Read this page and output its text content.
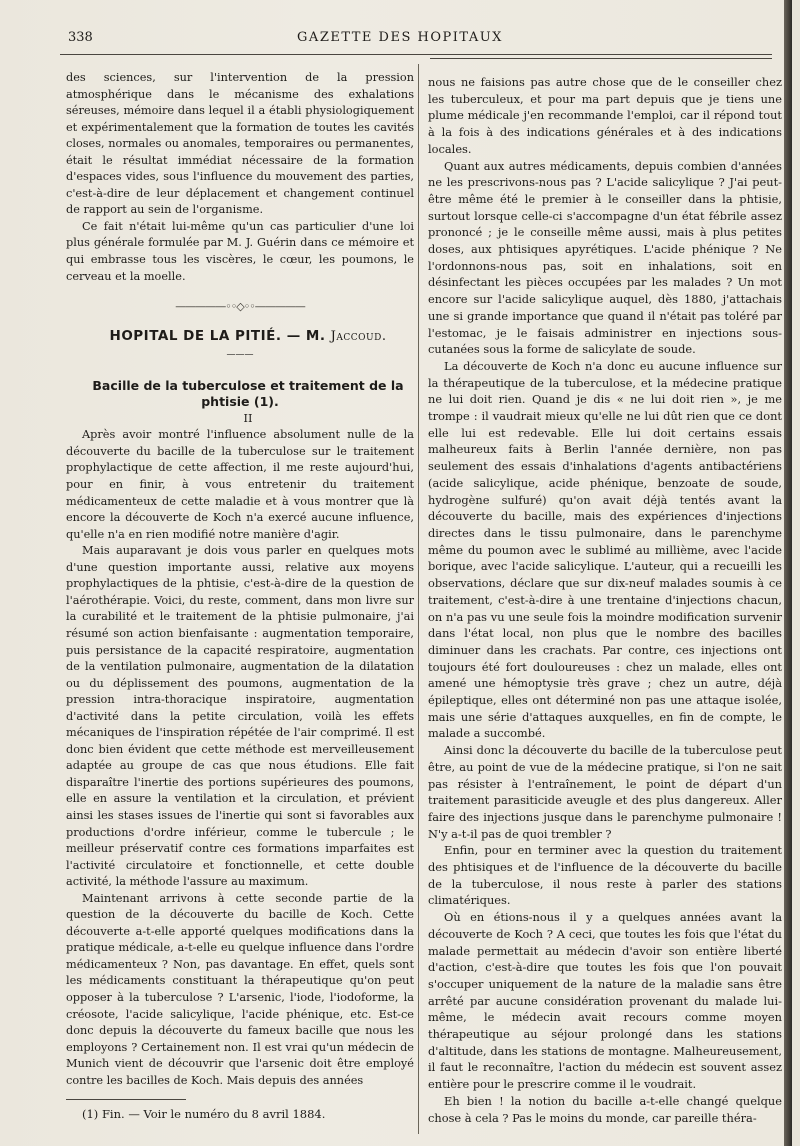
338	GAZETTE DES HOPITAUX

des sciences, sur l'intervention de la pression atmosphérique dans le mécanisme des exhalations séreuses, mémoire dans lequel il a établi physiologiquement et expérimentalement que la formation de toutes les cavités closes, normales ou anomales, temporaires ou permanentes, était le résultat immédiat nécessaire de la formation d'espaces vides, sous l'influence du mouvement des parties, c'est-à-dire de leur déplacement et changement continuel de rapport au sein de l'organisme.

Ce fait n'était lui-même qu'un cas particulier d'une loi plus générale formulée par M. J. Guérin dans ce mémoire et qui embrasse tous les viscères, le cœur, les poumons, le cerveau et la moelle.

—————◦◦◇◦◦—————

HOPITAL DE LA PITIÉ. — M. Jaccoud.

———

Bacille de la tuberculose et traitement de la phtisie (1).

II

Après avoir montré l'influence absolument nulle de la découverte du bacille de la tuberculose sur le traitement prophylactique de cette affection, il me reste aujourd'hui, pour en finir, à vous entretenir du traitement médicamenteux de cette maladie et à vous montrer que là encore la découverte de Koch n'a exercé aucune influence, qu'elle n'a en rien modifié notre manière d'agir.

Mais auparavant je dois vous parler en quelques mots d'une question importante aussi, relative aux moyens prophylactiques de la phtisie, c'est-à-dire de la question de l'aérothérapie. Voici, du reste, comment, dans mon livre sur la curabilité et le traitement de la phtisie pulmonaire, j'ai résumé son action bienfaisante : augmentation temporaire, puis persistance de la capacité respiratoire, augmentation de la ventilation pulmonaire, augmentation de la dilatation ou du déplissement des poumons, augmentation de la pression intra-thoracique inspiratoire, augmentation d'activité dans la petite circulation, voilà les effets mécaniques de l'inspiration répétée de l'air comprimé. Il est donc bien évident que cette méthode est merveilleusement adaptée au groupe de cas que nous étudions. Elle fait disparaître l'inertie des portions supérieures des poumons, elle en assure la ventilation et la circulation, et prévient ainsi les stases issues de l'inertie qui sont si favorables aux productions d'ordre inférieur, comme le tubercule ; le meilleur préservatif contre ces formations imparfaites est l'activité circulatoire et fonctionnelle, et cette double activité, la méthode l'assure au maximum.

Maintenant arrivons à cette seconde partie de la question de la découverte du bacille de Koch. Cette découverte a-t-elle apporté quelques modifications dans la pratique médicale, a-t-elle eu quelque influence dans l'ordre médicamenteux ? Non, pas davantage. En effet, quels sont les médicaments constituant la thérapeutique qu'on peut opposer à la tuberculose ? L'arsenic, l'iode, l'iodoforme, la créosote, l'acide salicylique, l'acide phénique, etc. Est-ce donc depuis la découverte du fameux bacille que nous les employons ? Certainement non. Il est vrai qu'un médecin de Munich vient de découvrir que l'arsenic doit être employé contre les bacilles de Koch. Mais depuis des années

(1) Fin. — Voir le numéro du 8 avril 1884.

nous ne faisions pas autre chose que de le conseiller chez les tuberculeux, et pour ma part depuis que je tiens une plume médicale j'en recommande l'emploi, car il répond tout à la fois à des indications générales et à des indications locales.

Quant aux autres médicaments, depuis combien d'années ne les prescrivons-nous pas ? L'acide salicylique ? J'ai peut-être même été le premier à le conseiller dans la phtisie, surtout lorsque celle-ci s'accompagne d'un état fébrile assez prononcé ; je le conseille même aussi, mais à plus petites doses, aux phtisiques apyrétiques. L'acide phénique ? Ne l'ordonnons-nous pas, soit en inhalations, soit en désinfectant les pièces occupées par les malades ? Un mot encore sur l'acide salicylique auquel, dès 1880, j'attachais une si grande importance que quand il n'était pas toléré par l'estomac, je le faisais administrer en injections sous-cutanées sous la forme de salicylate de soude.

La découverte de Koch n'a donc eu aucune influence sur la thérapeutique de la tuberculose, et la médecine pratique ne lui doit rien. Quand je dis « ne lui doit rien », je me trompe : il vaudrait mieux qu'elle ne lui dût rien que ce dont elle lui est redevable. Elle lui doit certains essais malheureux faits à Berlin l'année dernière, non pas seulement des essais d'inhalations d'agents antibactériens (acide salicylique, acide phénique, benzoate de soude, hydrogène sulfuré) qu'on avait déjà tentés avant la découverte du bacille, mais des expériences d'injections directes dans le tissu pulmonaire, dans le parenchyme même du poumon avec le sublimé au millième, avec l'acide borique, avec l'acide salicylique. L'auteur, qui a recueilli les observations, déclare que sur dix-neuf malades soumis à ce traitement, c'est-à-dire à une trentaine d'injections chacun, on n'a pas vu une seule fois la moindre modification survenir dans l'état local, non plus que le nombre des bacilles diminuer dans les crachats. Par contre, ces injections ont toujours été fort douloureuses : chez un malade, elles ont amené une hémoptysie très grave ; chez un autre, déjà épileptique, elles ont déterminé non pas une attaque isolée, mais une série d'attaques auxquelles, en fin de compte, le malade a succombé.

Ainsi donc la découverte du bacille de la tuberculose peut être, au point de vue de la médecine pratique, si l'on ne sait pas résister à l'entraînement, le point de départ d'un traitement parasiticide aveugle et des plus dangereux. Aller faire des injections jusque dans le parenchyme pulmonaire ! N'y a-t-il pas de quoi trembler ?

Enfin, pour en terminer avec la question du traitement des phtisiques et de l'influence de la découverte du bacille de la tuberculose, il nous reste à parler des stations climatériques.

Où en étions-nous il y a quelques années avant la découverte de Koch ? A ceci, que toutes les fois que l'état du malade permettait au médecin d'avoir son entière liberté d'action, c'est-à-dire que toutes les fois que l'on pouvait s'occuper uniquement de la nature de la maladie sans être arrêté par aucune considération provenant du malade lui-même, le médecin avait recours comme moyen thérapeutique au séjour prolongé dans les stations d'altitude, dans les stations de montagne. Malheureusement, il faut le reconnaître, l'action du médecin est souvent assez entière pour le prescrire comme il le voudrait.

Eh bien ! la notion du bacille a-t-elle changé quelque chose à cela ? Pas le moins du monde, car pareille théra-
